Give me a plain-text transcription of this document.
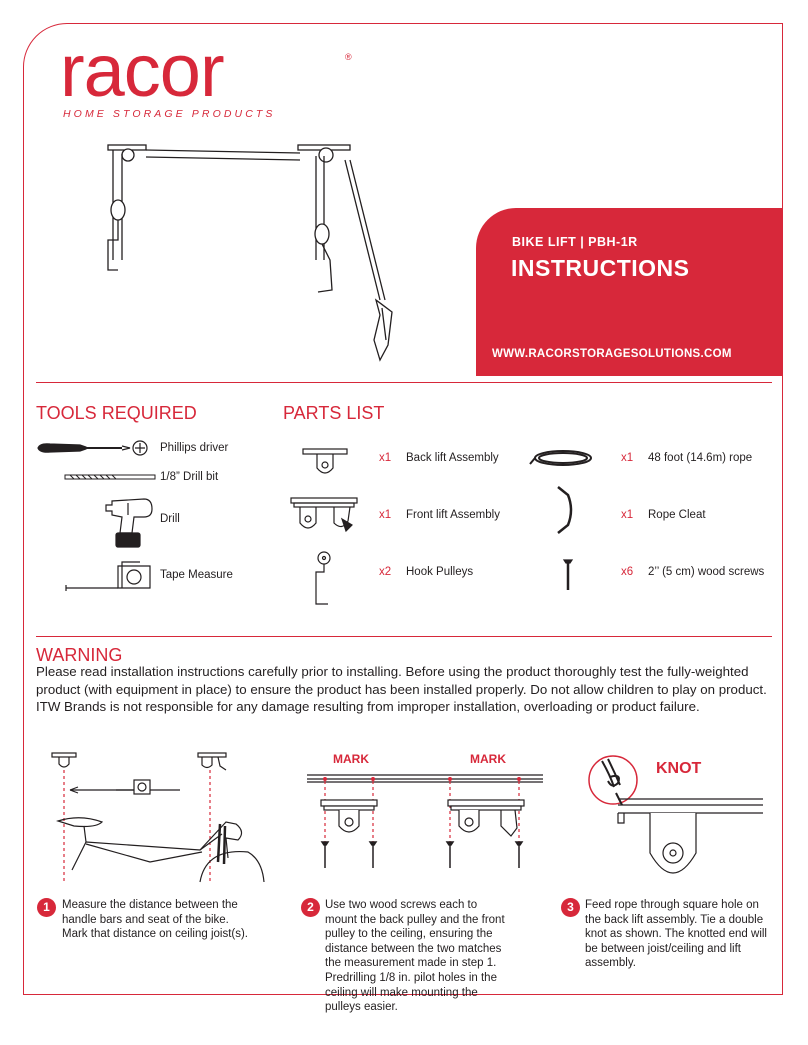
racor	®
HOME STORAGE PRODUCTS
BIKE LIFT | PBH-1R
INSTRUCTIONS
WWW.RACORSTORAGESOLUTIONS.COM
TOOLS REQUIRED
Phillips driver
1/8” Drill bit
Drill
Tape Measure
PARTS LIST
x1 Back lift Assembly
x1 Front lift Assembly
x2 Hook Pulleys
x1 48 foot (14.6m) rope
x1 Rope Cleat
x6 2’’ (5 cm) wood screws
WARNING
Please read installation instructions carefully prior to installing. Before using the product thoroughly test the fully-weighted product (with equipment in place) to ensure the product has been installed properly. Do not allow children to play on product. ITW Brands is not responsible for any damage resulting from improper installation, overloading or product failure.
MARK	MARK
KNOT
1	Measure the distance between the handle bars and seat of the bike. Mark that distance on ceiling joist(s).
2 Use two wood screws each to mount the back pulley and the front pulley to the ceiling, ensuring the distance between the two matches the measurement made in step 1. Predrilling 1/8 in. pilot holes in the ceiling will make mounting the pulleys easier.
3 Feed rope through square hole on the back lift assembly. Tie a double knot as shown. The knotted end will be between joist/ceiling and lift assembly.
